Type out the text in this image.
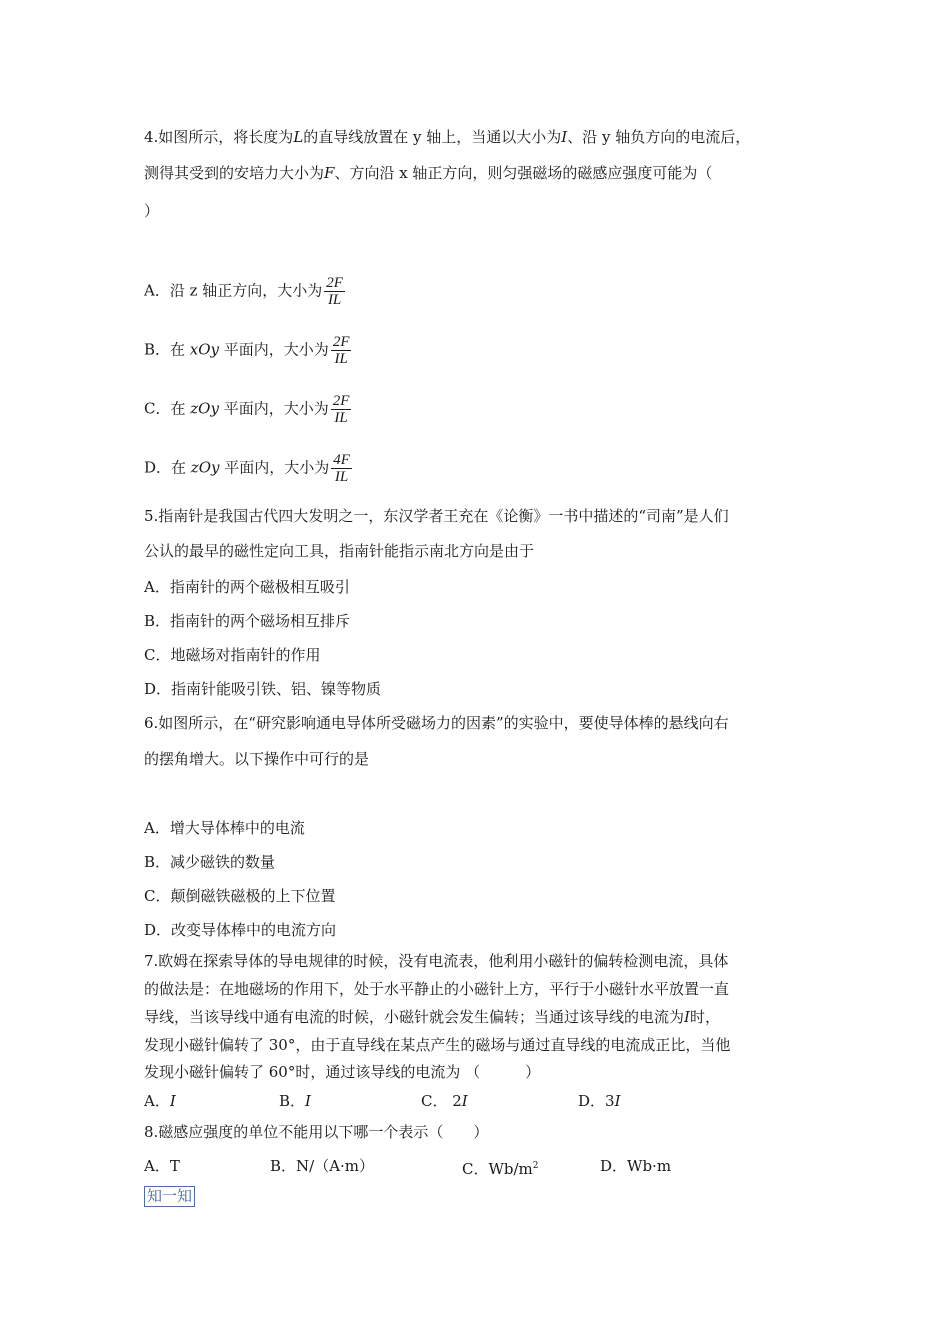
4.如图所示，将长度为L的直导线放置在 y 轴上，当通以大小为I、沿 y 轴负方向的电流后，
测得其受到的安培力大小为F、方向沿 x 轴正方向，则匀强磁场的磁感应强度可能为（
）
A．沿 z 轴正方向，大小为 $\frac{2F}{IL}$
B．在 xOy 平面内，大小为 $\frac{2F}{IL}$
C．在 zOy 平面内，大小为 $\frac{2F}{IL}$
D．在 zOy 平面内，大小为 $\frac{4F}{IL}$
5.指南针是我国古代四大发明之一，东汉学者王充在《论衡》一书中描述的“司南”是人们
公认的最早的磁性定向工具，指南针能指示南北方向是由于
A．指南针的两个磁极相互吸引
B．指南针的两个磁场相互排斥
C．地磁场对指南针的作用
D．指南针能吸引铁、铝、镍等物质
6.如图所示，在“研究影响通电导体所受磁场力的因素”的实验中，要使导体棒的悬线向右
的摆角增大。以下操作中可行的是
A．增大导体棒中的电流
B．减少磁铁的数量
C．颠倒磁铁磁极的上下位置
D．改变导体棒中的电流方向
7.欧姆在探索导体的导电规律的时候，没有电流表，他利用小磁针的偏转检测电流，具体
的做法是：在地磁场的作用下，处于水平静止的小磁针上方，平行于小磁针水平放置一直
导线，当该导线中通有电流的时候，小磁针就会发生偏转；当通过该导线的电流为I时，
发现小磁针偏转了 30°，由于直导线在某点产生的磁场与通过直导线的电流成正比，当他
发现小磁针偏转了 60°时，通过该导线的电流为 （　　　）
A．I	B．I	C． 2I	D．3I
8.磁感应强度的单位不能用以下哪一个表示（　　）
A．T	B．N/（A·m）	C．$Wb/m^2$	D．Wb·m
知一知
